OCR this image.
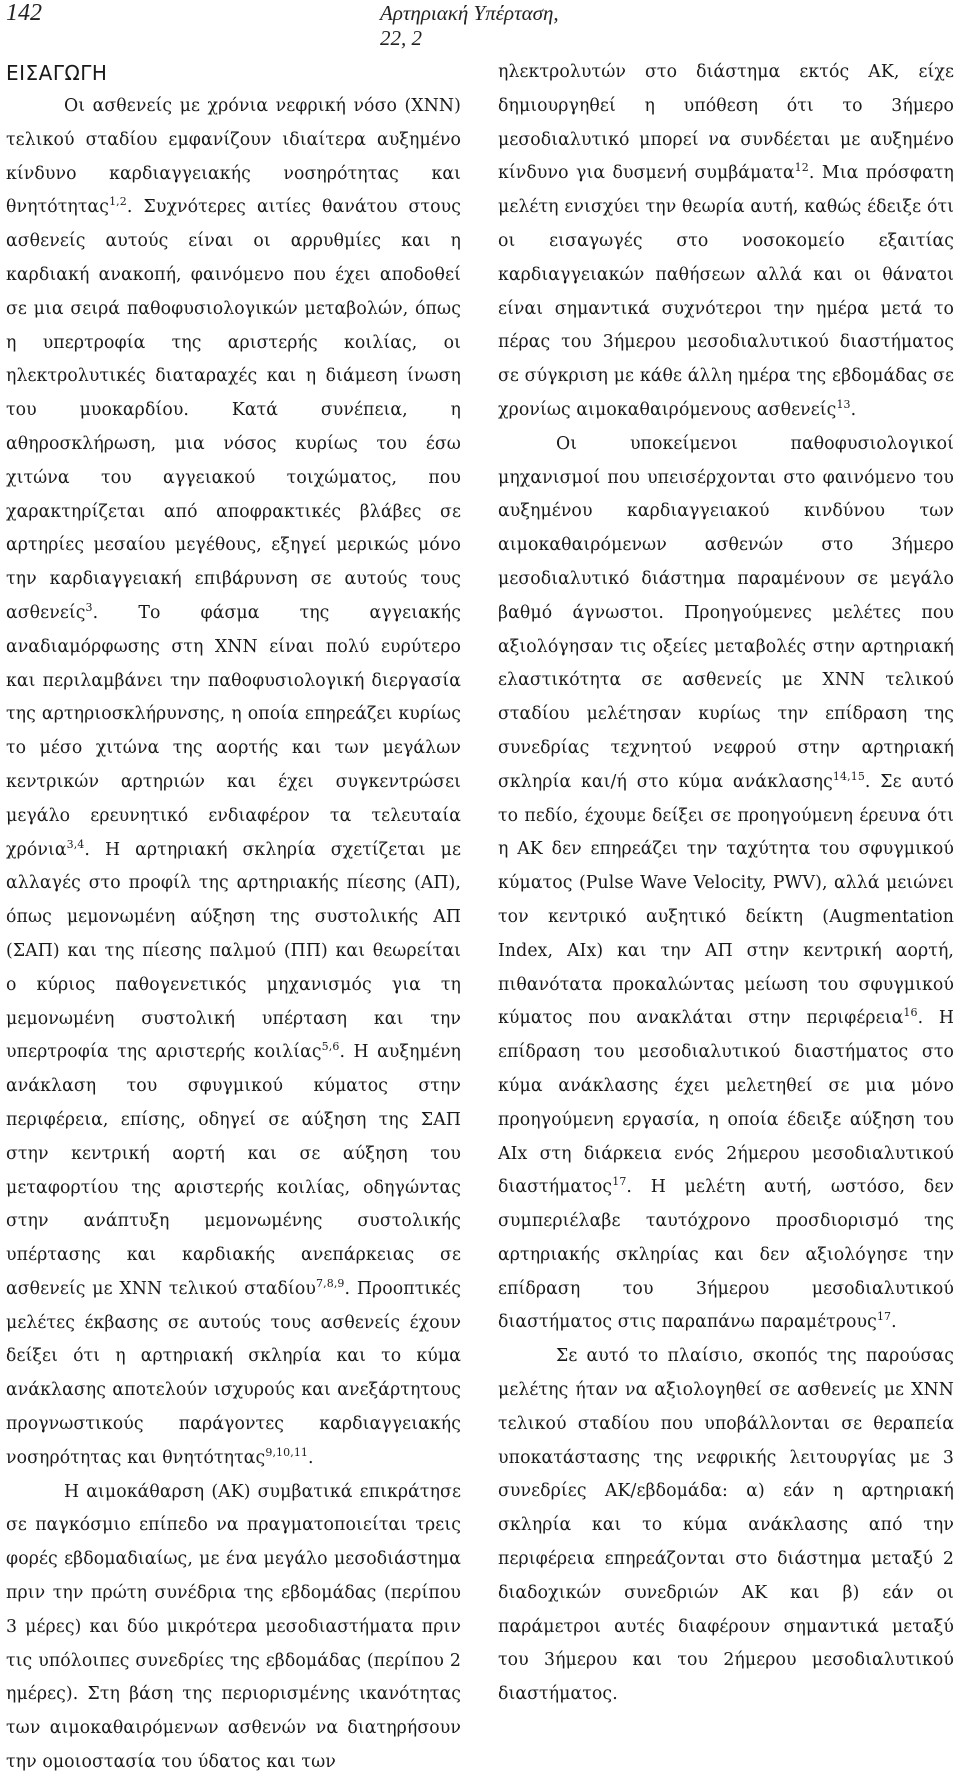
142	Αρτηριακή Υπέρταση, 22, 2
ΕΙΣΑΓΩΓΗ

Οι ασθενείς με χρόνια νεφρική νόσο (ΧΝΝ) τελικού σταδίου εμφανίζουν ιδιαίτερα αυξημένο κίνδυνο καρδιαγγειακής νοσηρότητας και θνητότητας$^{1,2}$. Συχνότερες αιτίες θανάτου στους ασθενείς αυτούς είναι οι αρρυθμίες και η καρδιακή ανακοπή, φαινόμενο που έχει αποδοθεί σε μια σειρά παθοφυσιολογικών μεταβολών, όπως η υπερτροφία της αριστερής κοιλίας, οι ηλεκτρολυτικές διαταραχές και η διάμεση ίνωση του μυοκαρδίου. Κατά συνέπεια, η αθηροσκλήρωση, μια νόσος κυρίως του έσω χιτώνα του αγγειακού τοιχώματος, που χαρακτηρίζεται από αποφρακτικές βλάβες σε αρτηρίες μεσαίου μεγέθους, εξηγεί μερικώς μόνο την καρδιαγγειακή επιβάρυνση σε αυτούς τους ασθενείς$^3$. Το φάσμα της αγγειακής αναδιαμόρφωσης στη ΧΝΝ είναι πολύ ευρύτερο και περιλαμβάνει την παθοφυσιολογική διεργασία της αρτηριοσκλήρυνσης, η οποία επηρεάζει κυρίως το μέσο χιτώνα της αορτής και των μεγάλων κεντρικών αρτηριών και έχει συγκεντρώσει μεγάλο ερευνητικό ενδιαφέρον τα τελευταία χρόνια$^{3,4}$. Η αρτηριακή σκληρία σχετίζεται με αλλαγές στο προφίλ της αρτηριακής πίεσης (ΑΠ), όπως μεμονωμένη αύξηση της συστολικής ΑΠ (ΣΑΠ) και της πίεσης παλμού (ΠΠ) και θεωρείται ο κύριος παθογενετικός μηχανισμός για τη μεμονωμένη συστολική υπέρταση και την υπερτροφία της αριστερής κοιλίας$^{5,6}$. Η αυξημένη ανάκλαση του σφυγμικού κύματος στην περιφέρεια, επίσης, οδηγεί σε αύξηση της ΣΑΠ στην κεντρική αορτή και σε αύξηση του μεταφορτίου της αριστερής κοιλίας, οδηγώντας στην ανάπτυξη μεμονωμένης συστολικής υπέρτασης και καρδιακής ανεπάρκειας σε ασθενείς με ΧΝΝ τελικού σταδίου$^{7,8,9}$. Προοπτικές μελέτες έκβασης σε αυτούς τους ασθενείς έχουν δείξει ότι η αρτηριακή σκληρία και το κύμα ανάκλασης αποτελούν ισχυρούς και ανεξάρτητους προγνωστικούς παράγοντες καρδιαγγειακής νοσηρότητας και θνητότητας$^{9,10,11}$.

Η αιμοκάθαρση (ΑΚ) συμβατικά επικράτησε σε παγκόσμιο επίπεδο να πραγματοποιείται τρεις φορές εβδομαδιαίως, με ένα μεγάλο μεσοδιάστημα πριν την πρώτη συνέδρια της εβδομάδας (περίπου 3 μέρες) και δύο μικρότερα μεσοδιαστήματα πριν τις υπόλοιπες συνεδρίες της εβδομάδας (περίπου 2 ημέρες). Στη βάση της περιορισμένης ικανότητας των αιμοκαθαιρόμενων ασθενών να διατηρήσουν την ομοιοστασία του ύδατος και των

ηλεκτρολυτών στο διάστημα εκτός ΑΚ, είχε δημιουργηθεί η υπόθεση ότι το 3ήμερο μεσοδιαλυτικό μπορεί να συνδέεται με αυξημένο κίνδυνο για δυσμενή συμβάματα$^{12}$. Μια πρόσφατη μελέτη ενισχύει την θεωρία αυτή, καθώς έδειξε ότι οι εισαγωγές στο νοσοκομείο εξαιτίας καρδιαγγειακών παθήσεων αλλά και οι θάνατοι είναι σημαντικά συχνότεροι την ημέρα μετά το πέρας του 3ήμερου μεσοδιαλυτικού διαστήματος σε σύγκριση με κάθε άλλη ημέρα της εβδομάδας σε χρονίως αιμοκαθαιρόμενους ασθενείς$^{13}$.

Οι υποκείμενοι παθοφυσιολογικοί μηχανισμοί που υπεισέρχονται στο φαινόμενο του αυξημένου καρδιαγγειακού κινδύνου των αιμοκαθαιρόμενων ασθενών στο 3ήμερο μεσοδιαλυτικό διάστημα παραμένουν σε μεγάλο βαθμό άγνωστοι. Προηγούμενες μελέτες που αξιολόγησαν τις οξείες μεταβολές στην αρτηριακή ελαστικότητα σε ασθενείς με ΧΝΝ τελικού σταδίου μελέτησαν κυρίως την επίδραση της συνεδρίας τεχνητού νεφρού στην αρτηριακή σκληρία και/ή στο κύμα ανάκλασης$^{14,15}$. Σε αυτό το πεδίο, έχουμε δείξει σε προηγούμενη έρευνα ότι η ΑΚ δεν επηρεάζει την ταχύτητα του σφυγμικού κύματος (Pulse Wave Velocity, PWV), αλλά μειώνει τον κεντρικό αυξητικό δείκτη (Augmentation Index, AIx) και την ΑΠ στην κεντρική αορτή, πιθανότατα προκαλώντας μείωση του σφυγμικού κύματος που ανακλάται στην περιφέρεια$^{16}$. Η επίδραση του μεσοδιαλυτικού διαστήματος στο κύμα ανάκλασης έχει μελετηθεί σε μια μόνο προηγούμενη εργασία, η οποία έδειξε αύξηση του AIx στη διάρκεια ενός 2ήμερου μεσοδιαλυτικού διαστήματος$^{17}$. Η μελέτη αυτή, ωστόσο, δεν συμπεριέλαβε ταυτόχρονο προσδιορισμό της αρτηριακής σκληρίας και δεν αξιολόγησε την επίδραση του 3ήμερου μεσοδιαλυτικού διαστήματος στις παραπάνω παραμέτρους$^{17}$.

Σε αυτό το πλαίσιο, σκοπός της παρούσας μελέτης ήταν να αξιολογηθεί σε ασθενείς με ΧΝΝ τελικού σταδίου που υποβάλλονται σε θεραπεία υποκατάστασης της νεφρικής λειτουργίας με 3 συνεδρίες ΑΚ/εβδομάδα: α) εάν η αρτηριακή σκληρία και το κύμα ανάκλασης από την περιφέρεια επηρεάζονται στο διάστημα μεταξύ 2 διαδοχικών συνεδριών ΑΚ και β) εάν οι παράμετροι αυτές διαφέρουν σημαντικά μεταξύ του 3ήμερου και του 2ήμερου μεσοδιαλυτικού διαστήματος.
